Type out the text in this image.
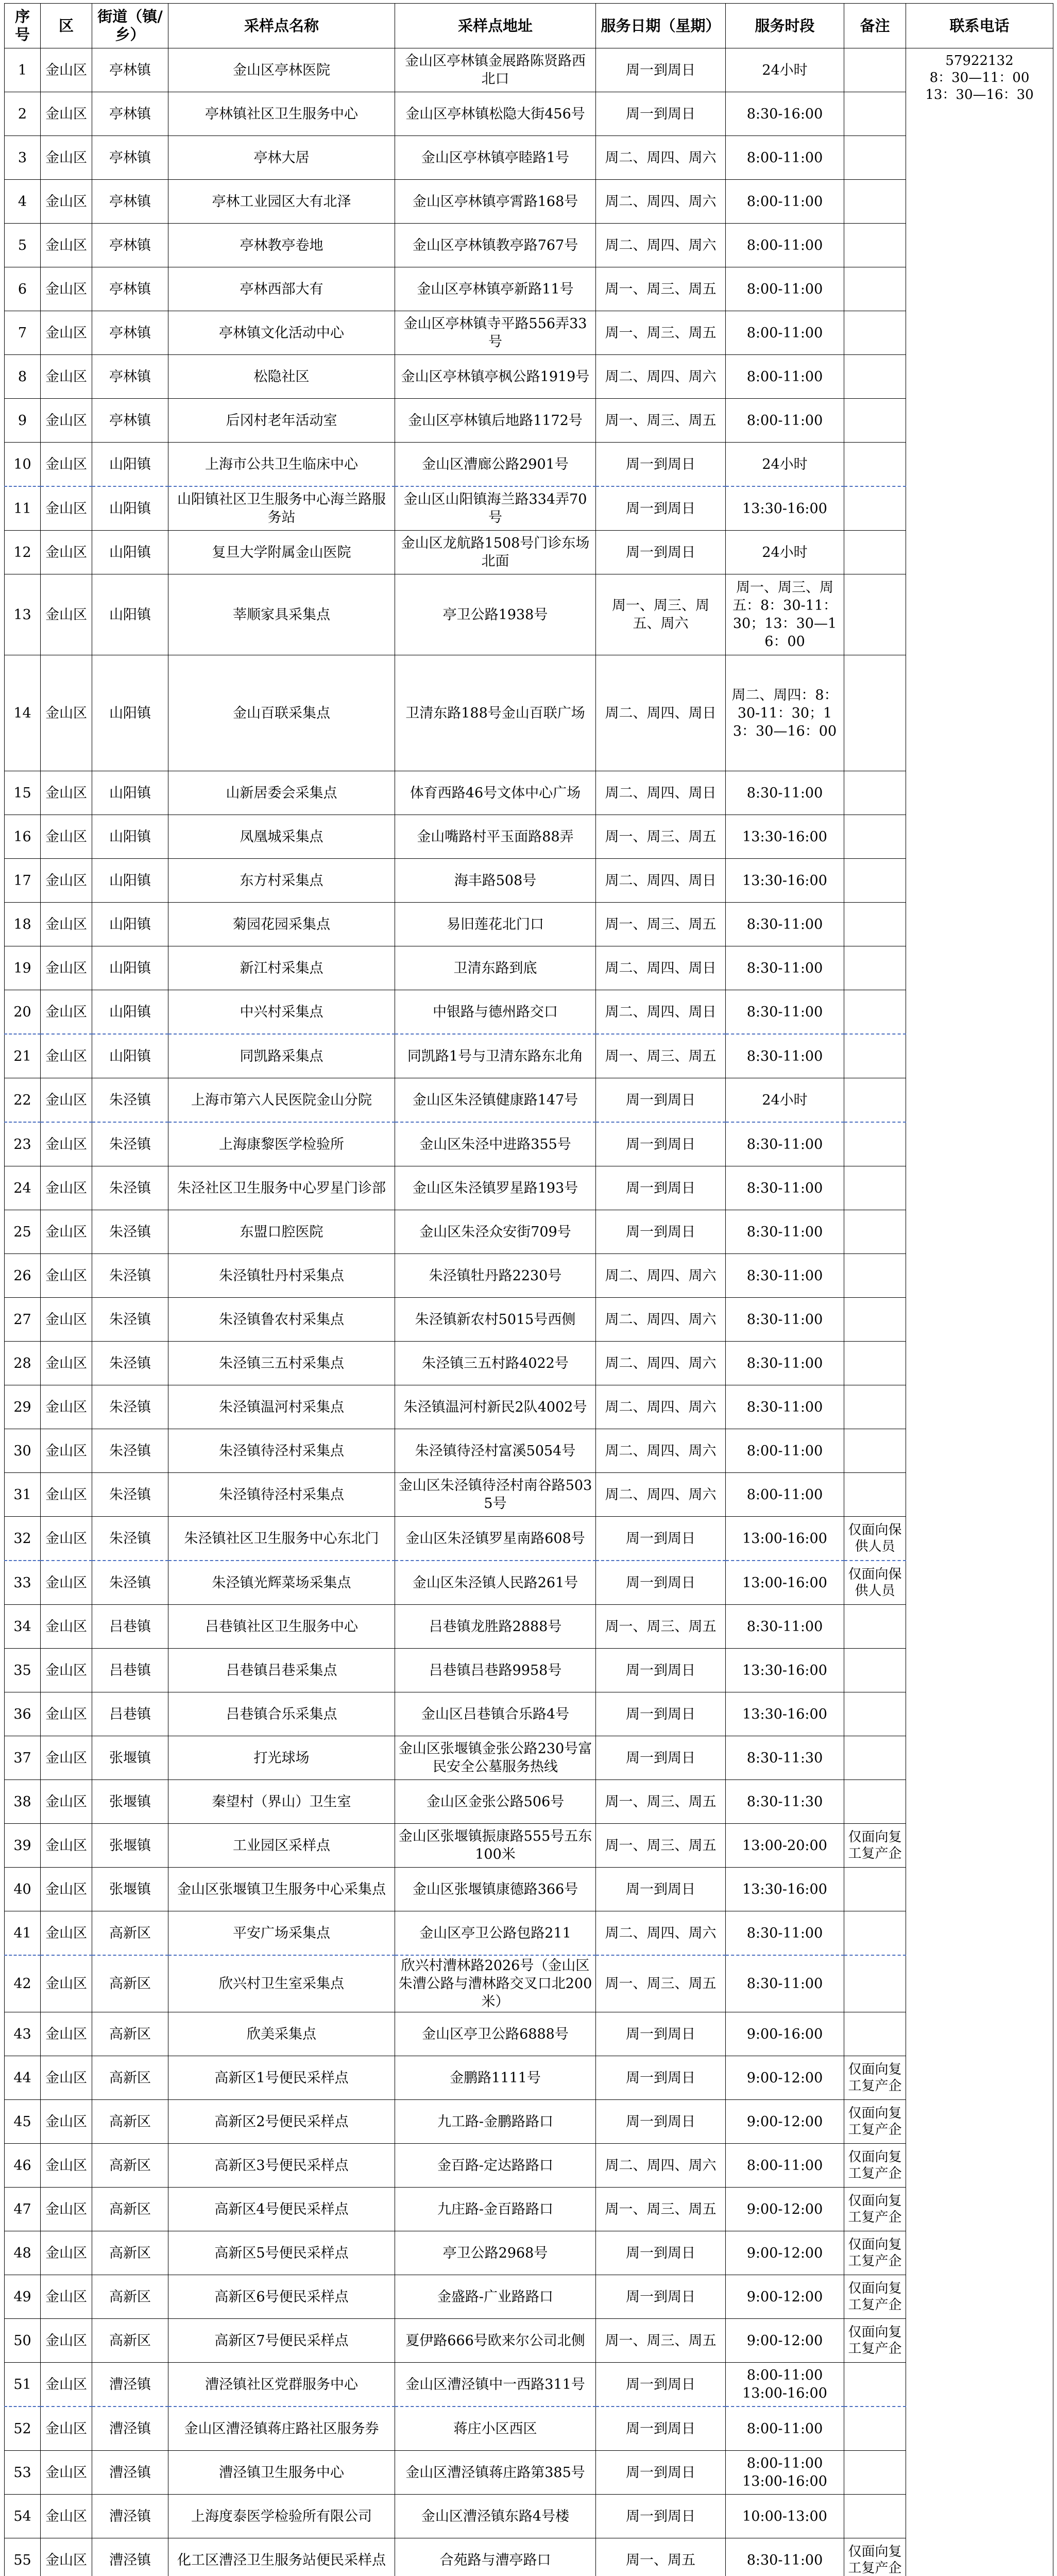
序号	区	街道（镇/乡）	采样点名称	采样点地址	服务日期（星期）	服务时段	备注	联系电话
1	金山区	亭林镇	金山区亭林医院	金山区亭林镇金展路陈贤路西北口	周一到周日	24小时		57922132
8：30—11：00
13：30—16：30
2	金山区	亭林镇	亭林镇社区卫生服务中心	金山区亭林镇松隐大街456号	周一到周日	8:30-16:00		
3	金山区	亭林镇	亭林大居	金山区亭林镇亭睦路1号	周二、周四、周六	8:00-11:00		
4	金山区	亭林镇	亭林工业园区大有北泽	金山区亭林镇亭霄路168号	周二、周四、周六	8:00-11:00		
5	金山区	亭林镇	亭林教亭卷地	金山区亭林镇教亭路767号	周二、周四、周六	8:00-11:00		
6	金山区	亭林镇	亭林西部大有	金山区亭林镇亭新路11号	周一、周三、周五	8:00-11:00		
7	金山区	亭林镇	亭林镇文化活动中心	金山区亭林镇寺平路556弄33号	周一、周三、周五	8:00-11:00		
8	金山区	亭林镇	松隐社区	金山区亭林镇亭枫公路1919号	周二、周四、周六	8:00-11:00		
9	金山区	亭林镇	后冈村老年活动室	金山区亭林镇后地路1172号	周一、周三、周五	8:00-11:00		
10	金山区	山阳镇	上海市公共卫生临床中心	金山区漕廊公路2901号	周一到周日	24小时		
11	金山区	山阳镇	山阳镇社区卫生服务中心海兰路服务站	金山区山阳镇海兰路334弄70号	周一到周日	13:30-16:00		
12	金山区	山阳镇	复旦大学附属金山医院	金山区龙航路1508号门诊东场北面	周一到周日	24小时		
13	金山区	山阳镇	莘顺家具采集点	亭卫公路1938号	周一、周三、周五、周六	周一、周三、周五：8：30-11：30；13：30—16：00		
14	金山区	山阳镇	金山百联采集点	卫清东路188号金山百联广场	周二、周四、周日	周二、周四：8：30-11：30；13：30—16：00		
15	金山区	山阳镇	山新居委会采集点	体育西路46号文体中心广场	周二、周四、周日	8:30-11:00		
16	金山区	山阳镇	凤凰城采集点	金山嘴路村平玉面路88弄	周一、周三、周五	13:30-16:00		
17	金山区	山阳镇	东方村采集点	海丰路508号	周二、周四、周日	13:30-16:00		
18	金山区	山阳镇	菊园花园采集点	易旧莲花北门口	周一、周三、周五	8:30-11:00		
19	金山区	山阳镇	新江村采集点	卫清东路到底	周二、周四、周日	8:30-11:00		
20	金山区	山阳镇	中兴村采集点	中银路与德州路交口	周二、周四、周日	8:30-11:00		
21	金山区	山阳镇	同凯路采集点	同凯路1号与卫清东路东北角	周一、周三、周五	8:30-11:00		
22	金山区	朱泾镇	上海市第六人民医院金山分院	金山区朱泾镇健康路147号	周一到周日	24小时		
23	金山区	朱泾镇	上海康黎医学检验所	金山区朱泾中进路355号	周一到周日	8:30-11:00		
24	金山区	朱泾镇	朱泾社区卫生服务中心罗星门诊部	金山区朱泾镇罗星路193号	周一到周日	8:30-11:00		
25	金山区	朱泾镇	东盟口腔医院	金山区朱泾众安街709号	周一到周日	8:30-11:00		
26	金山区	朱泾镇	朱泾镇牡丹村采集点	朱泾镇牡丹路2230号	周二、周四、周六	8:30-11:00		
27	金山区	朱泾镇	朱泾镇鲁农村采集点	朱泾镇新农村5015号西侧	周二、周四、周六	8:30-11:00		
28	金山区	朱泾镇	朱泾镇三五村采集点	朱泾镇三五村路4022号	周二、周四、周六	8:30-11:00		
29	金山区	朱泾镇	朱泾镇温河村采集点	朱泾镇温河村新民2队4002号	周二、周四、周六	8:30-11:00		
30	金山区	朱泾镇	朱泾镇待泾村采集点	朱泾镇待泾村富溪5054号	周二、周四、周六	8:00-11:00		
31	金山区	朱泾镇	朱泾镇待泾村采集点	金山区朱泾镇待泾村南谷路5035号	周二、周四、周六	8:00-11:00		
32	金山区	朱泾镇	朱泾镇社区卫生服务中心东北门	金山区朱泾镇罗星南路608号	周一到周日	13:00-16:00	仅面向保供人员	
33	金山区	朱泾镇	朱泾镇光辉菜场采集点	金山区朱泾镇人民路261号	周一到周日	13:00-16:00	仅面向保供人员	
34	金山区	吕巷镇	吕巷镇社区卫生服务中心	吕巷镇龙胜路2888号	周一、周三、周五	8:30-11:00		
35	金山区	吕巷镇	吕巷镇吕巷采集点	吕巷镇吕巷路9958号	周一到周日	13:30-16:00		
36	金山区	吕巷镇	吕巷镇合乐采集点	金山区吕巷镇合乐路4号	周一到周日	13:30-16:00		
37	金山区	张堰镇	打光球场	金山区张堰镇金张公路230号富民安全公墓服务热线	周一到周日	8:30-11:30		
38	金山区	张堰镇	秦望村（界山）卫生室	金山区金张公路506号	周一、周三、周五	8:30-11:30		
39	金山区	张堰镇	工业园区采样点	金山区张堰镇振康路555号五东100米	周一、周三、周五	13:00-20:00	仅面向复工复产企	
40	金山区	张堰镇	金山区张堰镇卫生服务中心采集点	金山区张堰镇康德路366号	周一到周日	13:30-16:00		
41	金山区	高新区	平安广场采集点	金山区亭卫公路包路211	周二、周四、周六	8:30-11:00		
42	金山区	高新区	欣兴村卫生室采集点	欣兴村漕林路2026号（金山区朱漕公路与漕林路交叉口北200米）	周一、周三、周五	8:30-11:00		
43	金山区	高新区	欣美采集点	金山区亭卫公路6888号	周一到周日	9:00-16:00		
44	金山区	高新区	高新区1号便民采样点	金鹏路1111号	周一到周日	9:00-12:00	仅面向复工复产企	
45	金山区	高新区	高新区2号便民采样点	九工路-金鹏路路口	周一到周日	9:00-12:00	仅面向复工复产企	
46	金山区	高新区	高新区3号便民采样点	金百路-定达路路口	周二、周四、周六	8:00-11:00	仅面向复工复产企	
47	金山区	高新区	高新区4号便民采样点	九庄路-金百路路口	周一、周三、周五	9:00-12:00	仅面向复工复产企	
48	金山区	高新区	高新区5号便民采样点	亭卫公路2968号	周一到周日	9:00-12:00	仅面向复工复产企	
49	金山区	高新区	高新区6号便民采样点	金盛路-广业路路口	周一到周日	9:00-12:00	仅面向复工复产企	
50	金山区	高新区	高新区7号便民采样点	夏伊路666号欧来尔公司北侧	周一、周三、周五	9:00-12:00	仅面向复工复产企	
51	金山区	漕泾镇	漕泾镇社区党群服务中心	金山区漕泾镇中一西路311号	周一到周日	8:00-11:00
13:00-16:00		
52	金山区	漕泾镇	金山区漕泾镇蒋庄路社区服务券	蒋庄小区西区	周一到周日	8:00-11:00		
53	金山区	漕泾镇	漕泾镇卫生服务中心	金山区漕泾镇蒋庄路第385号	周一到周日	8:00-11:00
13:00-16:00		
54	金山区	漕泾镇	上海度泰医学检验所有限公司	金山区漕泾镇东路4号楼	周一到周日	10:00-13:00		
55	金山区	漕泾镇	化工区漕泾卫生服务站便民采样点	合苑路与漕亭路口	周一、周五	8:30-11:00	仅面向复工复产企	
